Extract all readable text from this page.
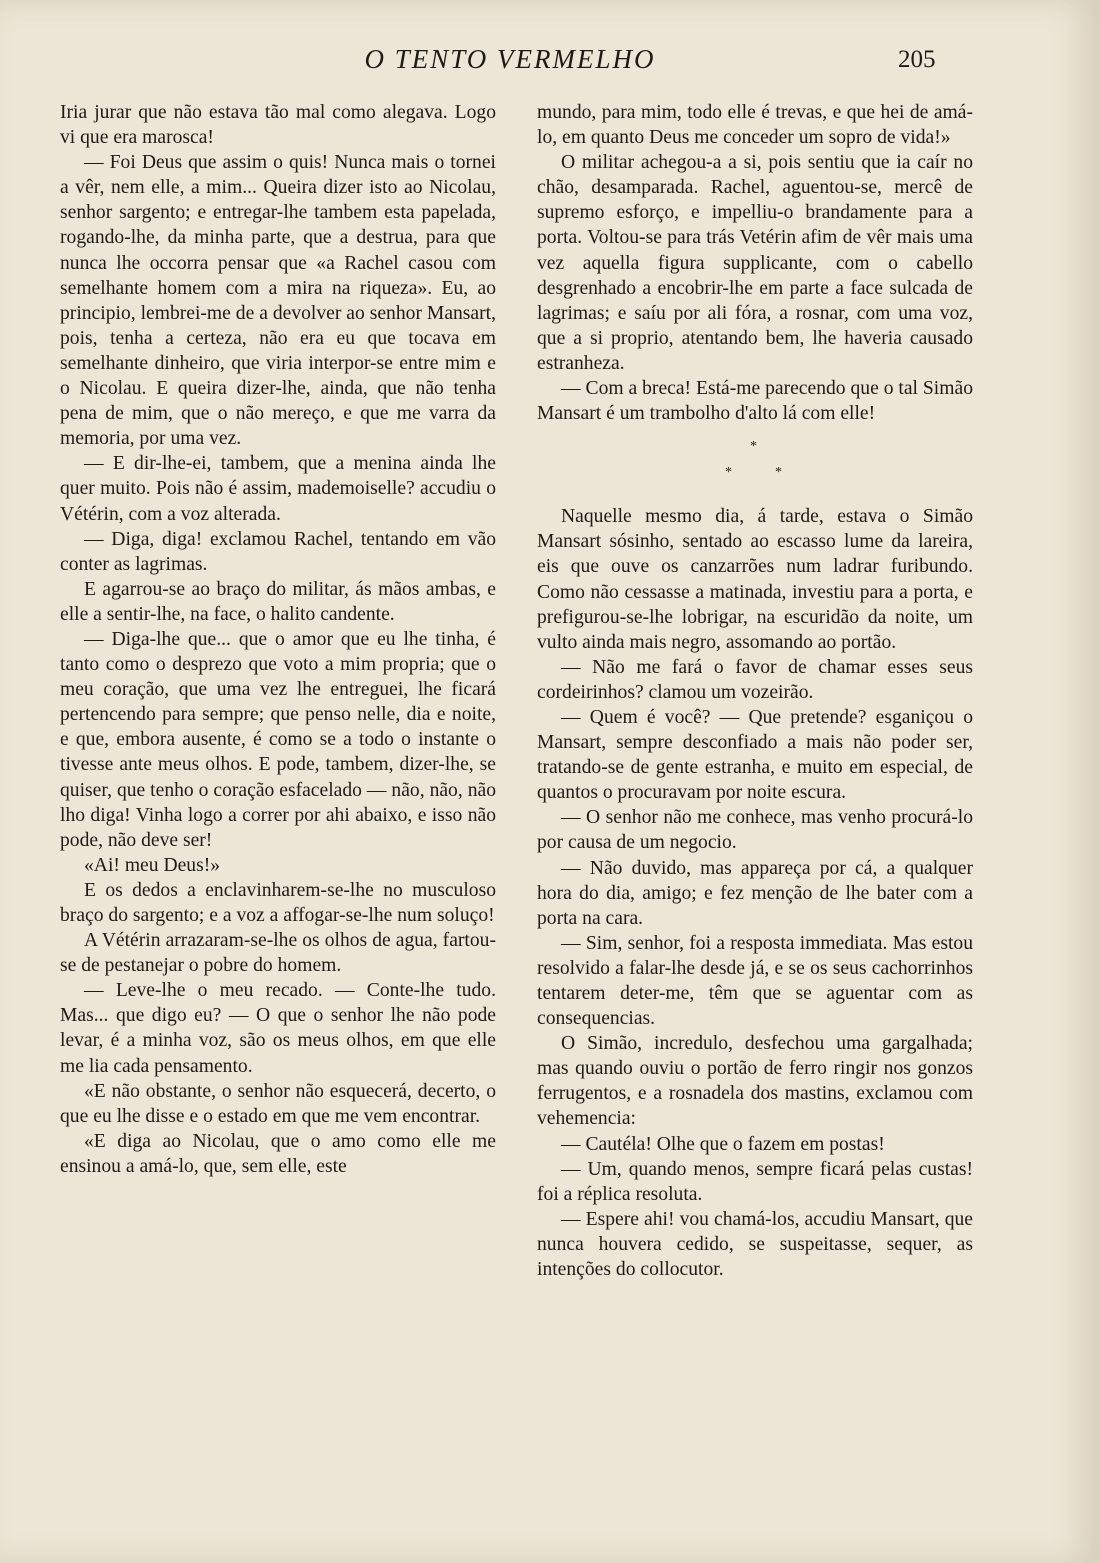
O TENTO VERMELHO	205

Iria jurar que não estava tão mal como alegava. Logo vi que era marosca!

— Foi Deus que assim o quis! Nunca mais o tornei a vêr, nem elle, a mim... Queira dizer isto ao Nicolau, senhor sargento; e entregar-lhe tambem esta papelada, rogando-lhe, da minha parte, que a destrua, para que nunca lhe occorra pensar que «a Rachel casou com semelhante homem com a mira na riqueza». Eu, ao principio, lembrei-me de a devolver ao senhor Mansart, pois, tenha a certeza, não era eu que tocava em semelhante dinheiro, que viria interpor-se entre mim e o Nicolau. E queira dizer-lhe, ainda, que não tenha pena de mim, que o não mereço, e que me varra da memoria, por uma vez.

— E dir-lhe-ei, tambem, que a menina ainda lhe quer muito. Pois não é assim, mademoiselle? accudiu o Vétérin, com a voz alterada.

— Diga, diga! exclamou Rachel, tentando em vão conter as lagrimas.

E agarrou-se ao braço do militar, ás mãos ambas, e elle a sentir-lhe, na face, o halito candente.

— Diga-lhe que... que o amor que eu lhe tinha, é tanto como o desprezo que voto a mim propria; que o meu coração, que uma vez lhe entreguei, lhe ficará pertencendo para sempre; que penso nelle, dia e noite, e que, embora ausente, é como se a todo o instante o tivesse ante meus olhos. E pode, tambem, dizer-lhe, se quiser, que tenho o coração esfacelado — não, não, não lho diga! Vinha logo a correr por ahi abaixo, e isso não pode, não deve ser!

«Ai! meu Deus!»

E os dedos a enclavinharem-se-lhe no musculoso braço do sargento; e a voz a affogar-se-lhe num soluço!

A Vétérin arrazaram-se-lhe os olhos de agua, fartou-se de pestanejar o pobre do homem.

— Leve-lhe o meu recado. — Conte-lhe tudo. Mas... que digo eu? — O que o senhor lhe não pode levar, é a minha voz, são os meus olhos, em que elle me lia cada pensamento.

«E não obstante, o senhor não esquecerá, decerto, o que eu lhe disse e o estado em que me vem encontrar.

«E diga ao Nicolau, que o amo como elle me ensinou a amá-lo, que, sem elle, este

mundo, para mim, todo elle é trevas, e que hei de amá-lo, em quanto Deus me conceder um sopro de vida!»

O militar achegou-a a si, pois sentiu que ia caír no chão, desamparada. Rachel, aguentou-se, mercê de supremo esforço, e impelliu-o brandamente para a porta. Voltou-se para trás Vetérin afim de vêr mais uma vez aquella figura supplicante, com o cabello desgrenhado a encobrir-lhe em parte a face sulcada de lagrimas; e saíu por ali fóra, a rosnar, com uma voz, que a si proprio, atentando bem, lhe haveria causado estranheza.

— Com a breca! Está-me parecendo que o tal Simão Mansart é um trambolho d'alto lá com elle!

*
*	*

Naquelle mesmo dia, á tarde, estava o Simão Mansart sósinho, sentado ao escasso lume da lareira, eis que ouve os canzarrões num ladrar furibundo. Como não cessasse a matinada, investiu para a porta, e prefigurou-se-lhe lobrigar, na escuridão da noite, um vulto ainda mais negro, assomando ao portão.

— Não me fará o favor de chamar esses seus cordeirinhos? clamou um vozeirão.

— Quem é você? — Que pretende? esganiçou o Mansart, sempre desconfiado a mais não poder ser, tratando-se de gente estranha, e muito em especial, de quantos o procuravam por noite escura.

— O senhor não me conhece, mas venho procurá-lo por causa de um negocio.

— Não duvido, mas appareça por cá, a qualquer hora do dia, amigo; e fez menção de lhe bater com a porta na cara.

— Sim, senhor, foi a resposta immediata. Mas estou resolvido a falar-lhe desde já, e se os seus cachorrinhos tentarem deter-me, têm que se aguentar com as consequencias.

O Simão, incredulo, desfechou uma gargalhada; mas quando ouviu o portão de ferro ringir nos gonzos ferrugentos, e a rosnadela dos mastins, exclamou com vehemencia:

— Cautéla! Olhe que o fazem em postas!

— Um, quando menos, sempre ficará pelas custas! foi a réplica resoluta.

— Espere ahi! vou chamá-los, accudiu Mansart, que nunca houvera cedido, se suspeitasse, sequer, as intenções do collocutor.
